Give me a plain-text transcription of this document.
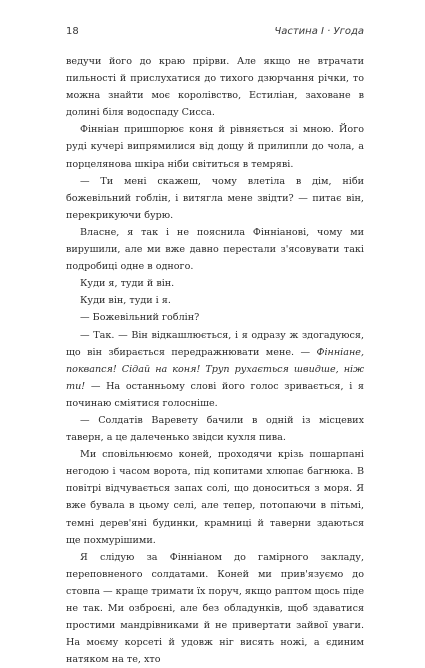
18	Частина І · Угода

ведучи його до краю прірви. Але якщо не втрачати пильності й прислухатися до тихого дзюрчання річки, то можна знайти моє королівство, Естиліан, заховане в долині біля водоспаду Сисса.

Фінніан пришпорює коня й рівняється зі мною. Його руді кучері випрямилися від дощу й прилипли до чола, а порцелянова шкіра ніби світиться в темряві.

— Ти мені скажеш, чому влетіла в дім, ніби божевільний гоблін, і витягла мене звідти? — питає він, перекрикуючи бурю.

Власне, я так і не пояснила Фінніанові, чому ми вирушили, але ми вже давно перестали з'ясовувати такі подробиці одне в одного.

Куди я, туди й він.

Куди він, туди і я.

— Божевільний гоблін?

— Так. — Він відкашлюється, і я одразу ж здогадуюся, що він збирається передражнювати мене. — Фінніане, поквапся! Сідай на коня! Труп рухається швидше, ніж ти! — На останньому слові його голос зривається, і я починаю сміятися голосніше.

— Солдатів Варевету бачили в одній із місцевих таверн, а це далеченько звідси кухля пива.

Ми сповільнюємо коней, проходячи крізь пошарпані негодою і часом ворота, під копитами хлюпає багнюка. В повітрі відчувається запах солі, що доноситься з моря. Я вже бувала в цьому селі, але тепер, потопаючи в пітьмі, темні дерев'яні будинки, крамниці й таверни здаються ще похмурішими.

Я слідую за Фінніаном до гамірного закладу, переповненого солдатами. Коней ми прив'язуємо до стовпа — краще тримати їх поруч, якщо раптом щось піде не так. Ми озброєні, але без обладунків, щоб здаватися простими мандрівниками й не привертати зайвої уваги. На моєму корсеті й удовж ніг висять ножі, а єдиним натяком на те, хто
